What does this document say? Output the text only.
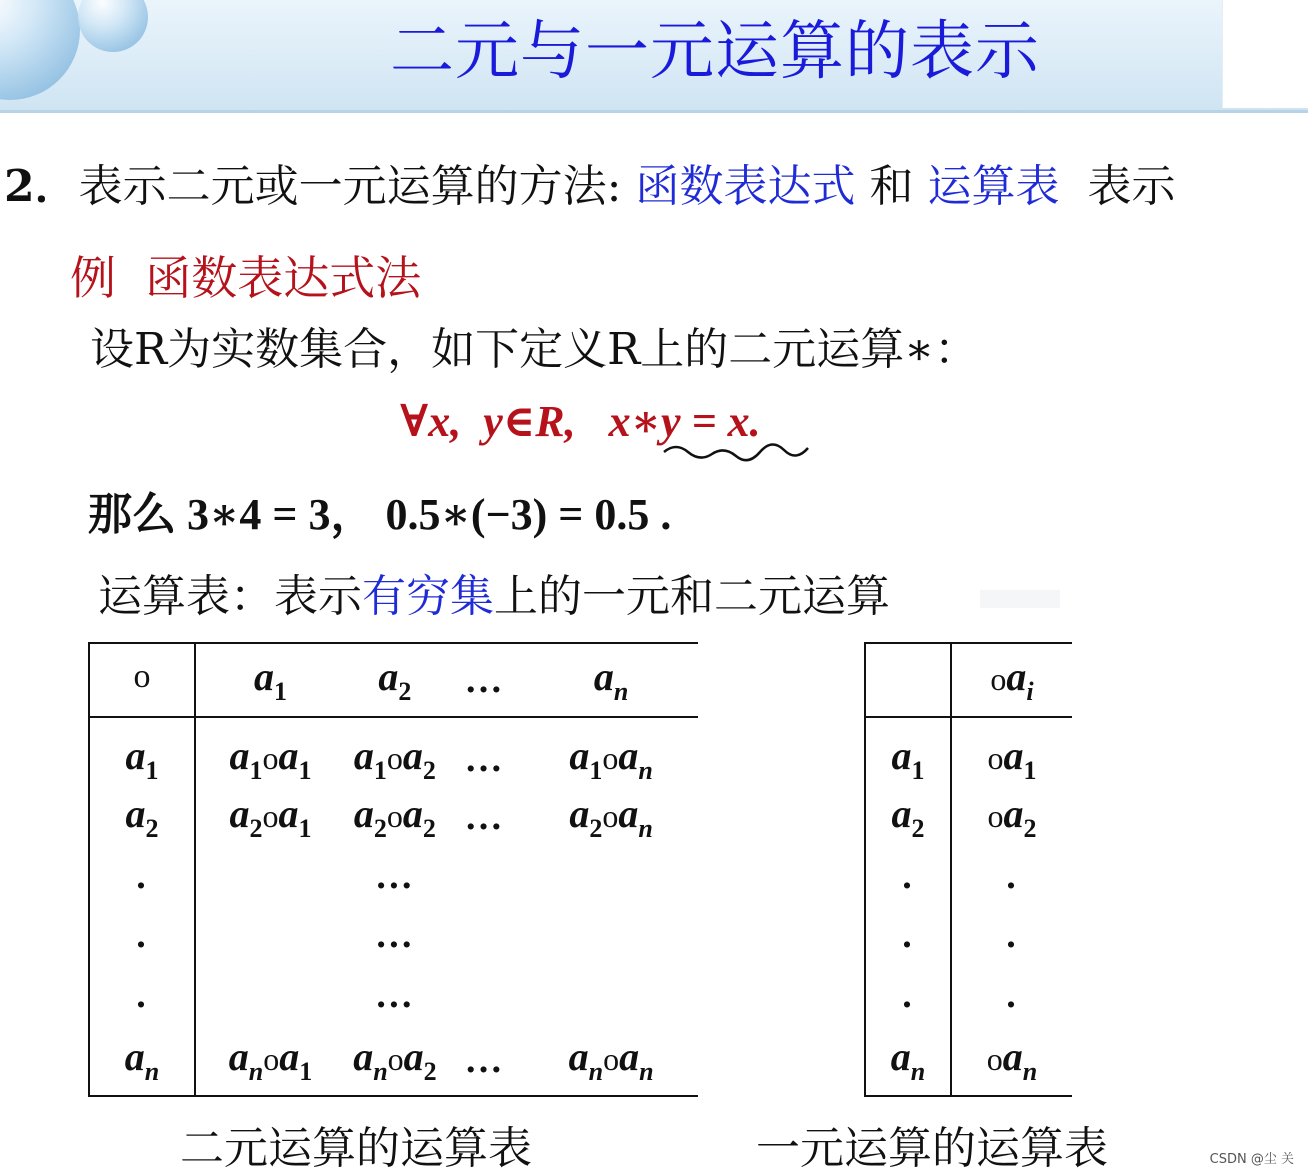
二元与一元运算的表示

2．表示二元或一元运算的方法: 函数表达式 和 运算表 表示

例  函数表达式法

设R为实数集合，如下定义R上的二元运算∗：

∀x,  y∈R,   x∗y = x.

那么 3∗4 = 3， 0.5∗(−3) = 0.5 .

运算表：表示有穷集上的一元和二元运算

o	$a_1$	$a_2$	…	$a_n$
$a_1$	$a_1oa_1$	$a_1oa_2$	…	$a_1oa_n$
$a_2$	$a_2oa_1$	$a_2oa_2$	…	$a_2oa_n$
.		…		
.		…		
.		…		
$a_n$	$a_noa_1$	$a_noa_2$	…	$a_noa_n$
	$oa_i$
$a_1$	$oa_1$
$a_2$	$oa_2$
.	.
.	.
.	.
$a_n$	$oa_n$
二元运算的运算表	一元运算的运算表	CSDN @尘 关
